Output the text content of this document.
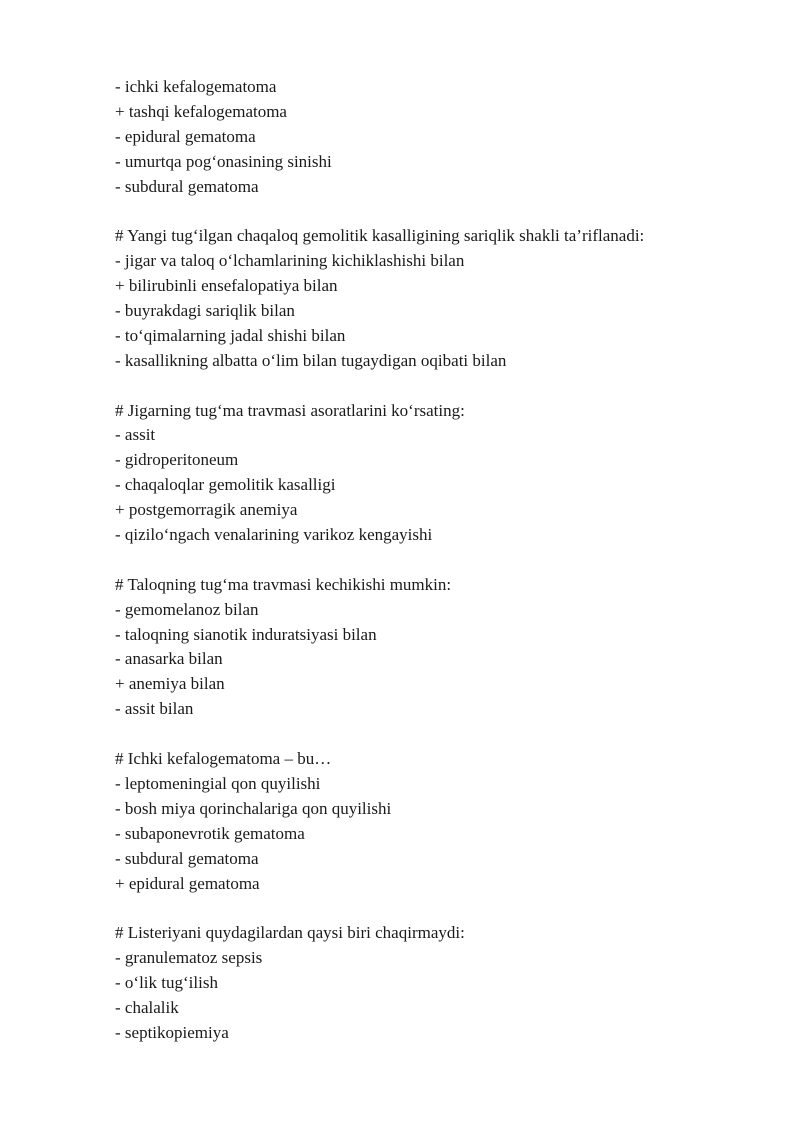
- ichki kefalogematoma
+ tashqi kefalogematoma
- epidural gematoma
- umurtqa pog‘onasining sinishi
- subdural gematoma
# Yangi tug‘ilgan chaqaloq gemolitik kasalligining sariqlik shakli ta’riflanadi:
- jigar va taloq o‘lchamlarining kichiklashishi bilan
+ bilirubinli ensefalopatiya bilan
- buyrakdagi sariqlik bilan
- to‘qimalarning jadal shishi bilan
- kasallikning albatta o‘lim bilan tugaydigan oqibati bilan
# Jigarning tug‘ma travmasi asoratlarini ko‘rsating:
- assit
- gidroperitoneum
- chaqaloqlar gemolitik kasalligi
+ postgemorragik anemiya
- qizilo‘ngach venalarining varikoz kengayishi
# Taloqning tug‘ma travmasi kechikishi mumkin:
- gemomelanoz bilan
- taloqning sianotik induratsiyasi bilan
- anasarka bilan
+ anemiya bilan
- assit bilan
# Ichki kefalogematoma – bu…
- leptomeningial qon quyilishi
- bosh miya qorinchalariga qon quyilishi
- subaponevrotik gematoma
- subdural gematoma
+ epidural gematoma
# Listeriyani quydagilardan qaysi biri chaqirmaydi:
- granulematoz sepsis
- o‘lik tug‘ilish
- chalalik
- septikopiemiya
